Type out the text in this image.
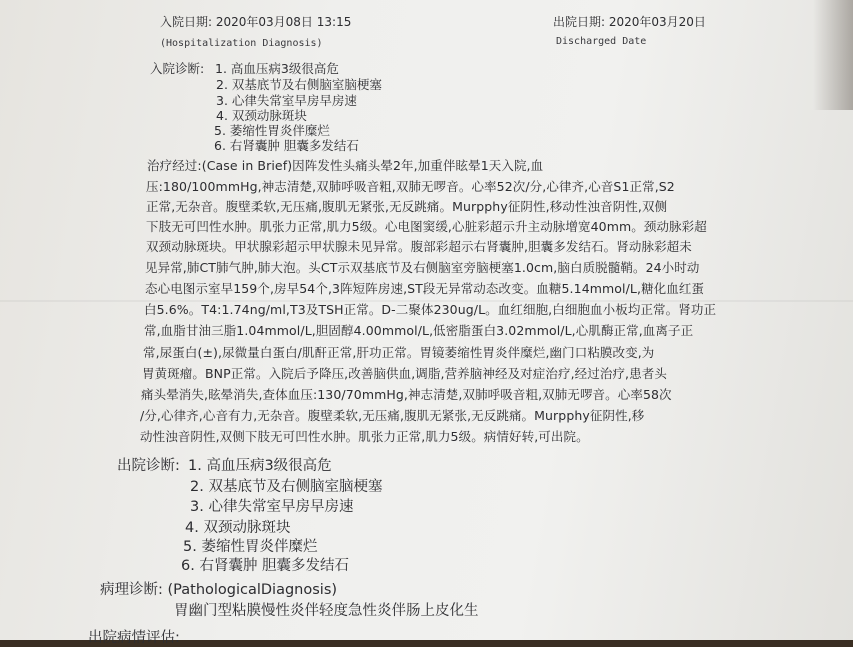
入院日期: 2020年03月08日 13:15	出院日期: 2020年03月20日
(Hospitalization Diagnosis)	Discharged Date
入院诊断: 1. 高血压病3级很高危
2. 双基底节及右侧脑室脑梗塞
3. 心律失常室早房早房速
4. 双颈动脉斑块
5. 萎缩性胃炎伴糜烂
6. 右肾囊肿 胆囊多发结石
治疗经过:(Case in Brief)因阵发性头痛头晕2年,加重伴眩晕1天入院,血
压:180/100mmHg,神志清楚,双肺呼吸音粗,双肺无啰音。心率52次/分,心律齐,心音S1正常,S2
正常,无杂音。腹壁柔软,无压痛,腹肌无紧张,无反跳痛。Murpphy征阴性,移动性浊音阴性,双侧
下肢无可凹性水肿。肌张力正常,肌力5级。心电图窦缓,心脏彩超示升主动脉增宽40mm。颈动脉彩超
双颈动脉斑块。甲状腺彩超示甲状腺未见异常。腹部彩超示右肾囊肿,胆囊多发结石。肾动脉彩超未
见异常,肺CT肺气肿,肺大泡。头CT示双基底节及右侧脑室旁脑梗塞1.0cm,脑白质脱髓鞘。24小时动
态心电图示室早159个,房早54个,3阵短阵房速,ST段无异常动态改变。血糖5.14mmol/L,糖化血红蛋
白5.6%。T4:1.74ng/ml,T3及TSH正常。D-二聚体230ug/L。血红细胞,白细胞血小板均正常。肾功正
常,血脂甘油三脂1.04mmol/L,胆固醇4.00mmol/L,低密脂蛋白3.02mmol/L,心肌酶正常,血离子正
常,尿蛋白(±),尿微量白蛋白/肌酐正常,肝功正常。胃镜萎缩性胃炎伴糜烂,幽门口粘膜改变,为
胃黄斑瘤。BNP正常。入院后予降压,改善脑供血,调脂,营养脑神经及对症治疗,经过治疗,患者头
痛头晕消失,眩晕消失,查体血压:130/70mmHg,神志清楚,双肺呼吸音粗,双肺无啰音。心率58次
/分,心律齐,心音有力,无杂音。腹壁柔软,无压痛,腹肌无紧张,无反跳痛。Murpphy征阴性,移
动性浊音阴性,双侧下肢无可凹性水肿。肌张力正常,肌力5级。病情好转,可出院。
出院诊断: 1. 高血压病3级很高危
2. 双基底节及右侧脑室脑梗塞
3. 心律失常室早房早房速
4. 双颈动脉斑块
5. 萎缩性胃炎伴糜烂
6. 右肾囊肿 胆囊多发结石
病理诊断: (PathologicalDiagnosis)
胃幽门型粘膜慢性炎伴轻度急性炎伴肠上皮化生
出院病情评估:
